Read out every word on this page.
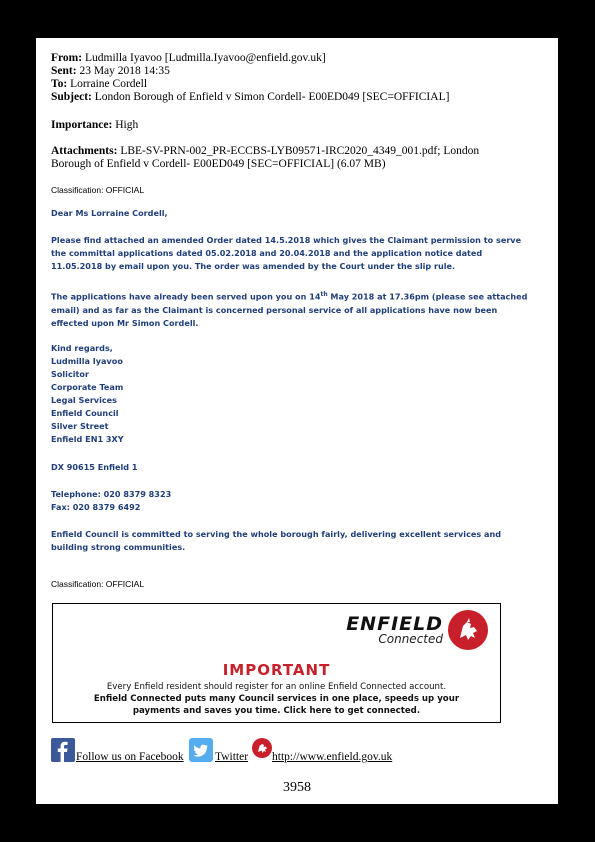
From: Ludmilla Iyavoo [Ludmilla.Iyavoo@enfield.gov.uk]
Sent: 23 May 2018 14:35
To: Lorraine Cordell
Subject: London Borough of Enfield v Simon Cordell- E00ED049 [SEC=OFFICIAL]
Importance: High
Attachments: LBE-SV-PRN-002_PR-ECCBS-LYB09571-IRC2020_4349_001.pdf; London Borough of Enfield v Cordell- E00ED049 [SEC=OFFICIAL] (6.07 MB)
Classification: OFFICIAL
Dear Ms Lorraine Cordell,
Please find attached an amended Order dated 14.5.2018 which gives the Claimant permission to serve the committal applications dated 05.02.2018 and 20.04.2018 and the application notice dated 11.05.2018 by email upon you. The order was amended by the Court under the slip rule.
The applications have already been served upon you on 14th May 2018 at 17.36pm (please see attached email) and as far as the Claimant is concerned personal service of all applications have now been effected upon Mr Simon Cordell.
Kind regards,
Ludmilla Iyavoo
Solicitor
Corporate Team
Legal Services
Enfield Council
Silver Street
Enfield EN1 3XY
DX 90615 Enfield 1
Telephone: 020 8379 8323
Fax: 020 8379 6492
Enfield Council is committed to serving the whole borough fairly, delivering excellent services and building strong communities.
Classification: OFFICIAL
ENFIELD
Connected
IMPORTANT
Every Enfield resident should register for an online Enfield Connected account.
Enfield Connected puts many Council services in one place, speeds up your
payments and saves you time. Click here to get connected.
Follow us on Facebook	Twitter http://www.enfield.gov.uk
3958
